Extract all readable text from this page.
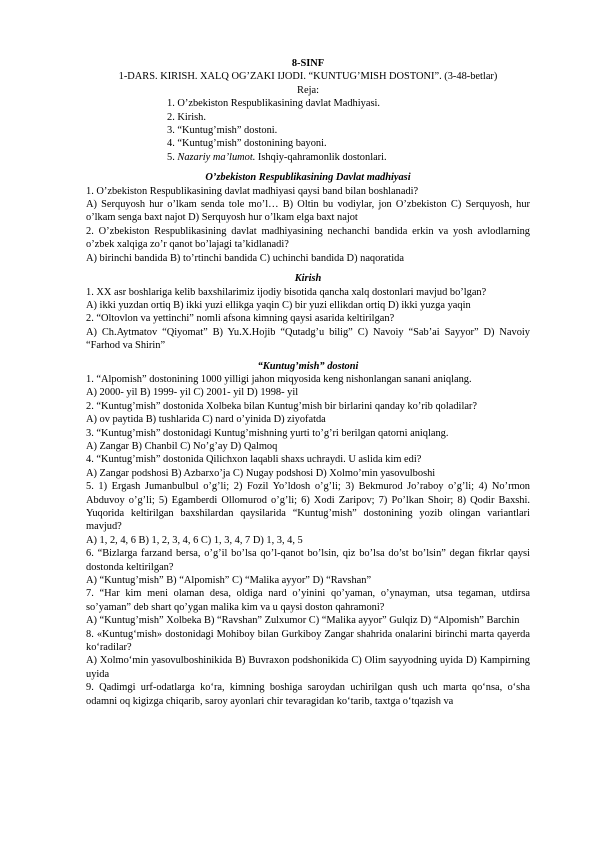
8-SINF
1-DARS. KIRISH. XALQ OG’ZAKI IJODI. “KUNTUG’MISH DOSTONI”. (3-48-betlar)
Reja:
1. O’zbekiston Respublikasining davlat Madhiyasi.
2. Kirish.
3. “Kuntug’mish” dostoni.
4. “Kuntug’mish” dostonining bayoni.
5. Nazariy ma’lumot. Ishqiy-qahramonlik dostonlari.
O’zbekiston Respublikasining Davlat madhiyasi
1. O’zbekiston Respublikasining davlat madhiyasi qaysi band bilan boshlanadi?
A) Serquyosh hur o’lkam senda tole mo’l… B) Oltin bu vodiylar, jon O’zbekiston C) Serquyosh, hur o’lkam senga baxt najot D) Serquyosh hur o’lkam elga baxt najot
2. O’zbekiston Respublikasining davlat madhiyasining nechanchi bandida erkin va yosh avlodlarning o’zbek xalqiga zo’r qanot bo’lajagi ta’kidlanadi?
A) birinchi bandida B) to’rtinchi bandida C) uchinchi bandida D) naqoratida
Kirish
1. XX asr boshlariga kelib baxshilarimiz ijodiy bisotida qancha xalq dostonlari mavjud bo’lgan?
A) ikki yuzdan ortiq B) ikki yuzi ellikga yaqin C) bir yuzi ellikdan ortiq D) ikki yuzga yaqin
2. “Oltovlon va yettinchi” nomli afsona kimning qaysi asarida keltirilgan?
A) Ch.Aytmatov “Qiyomat” B) Yu.X.Hojib “Qutadg’u bilig” C) Navoiy “Sab’ai Sayyor” D) Navoiy “Farhod va Shirin”
“Kuntug’mish” dostoni
1. “Alpomish” dostonining 1000 yilligi jahon miqyosida keng nishonlangan sanani aniqlang.
A) 2000- yil B) 1999- yil C) 2001- yil D) 1998- yil
2. “Kuntug’mish” dostonida Xolbeka bilan Kuntug’mish bir birlarini qanday ko’rib qoladilar?
A) ov paytida B) tushlarida C) nard o’yinida D) ziyofatda
3. “Kuntug’mish” dostonidagi Kuntug’mishning yurti to’g’ri berilgan qatorni aniqlang.
A) Zangar B) Chanbil C) No’g’ay D) Qalmoq
4. “Kuntug’mish” dostonida Qilichxon laqabli shaxs uchraydi. U aslida kim edi?
A) Zangar podshosi B) Azbarxo’ja C) Nugay podshosi D) Xolmo’min yasovulboshi
5. 1) Ergash Jumanbulbul o’g’li; 2) Fozil Yo’ldosh o’g’li; 3) Bekmurod Jo’raboy o’g’li; 4) No’rmon Abduvoy o’g’li; 5) Egamberdi Ollomurod o’g’li; 6) Xodi Zaripov; 7) Po’lkan Shoir; 8) Qodir Baxshi. Yuqorida keltirilgan baxshilardan qaysilarida “Kuntug’mish” dostonining yozib olingan variantlari mavjud?
A) 1, 2, 4, 6 B) 1, 2, 3, 4, 6 C) 1, 3, 4, 7 D) 1, 3, 4, 5
6. “Bizlarga farzand bersa, o’g’il bo’lsa qo’l-qanot bo’lsin, qiz bo’lsa do’st bo’lsin” degan fikrlar qaysi dostonda keltirilgan?
A) “Kuntug’mish” B) “Alpomish” C) “Malika ayyor” D) “Ravshan”
7. “Har kim meni olaman desa, oldiga nard o’yinini qo’yaman, o’ynayman, utsa tegaman, utdirsa so’yaman” deb shart qo’ygan malika kim va u qaysi doston qahramoni?
A) “Kuntug’mish” Xolbeka B) “Ravshan” Zulxumor C) “Malika ayyor” Gulqiz D) “Alpomish” Barchin
8. «Kuntug‘mish» dostonidagi Mohiboy bilan Gurkiboy Zangar shahrida onalarini birinchi marta qayerda ko‘radilar?
A) Xolmo‘min yasovulboshinikida B) Buvraxon podshonikida C) Olim sayyodning uyida D) Kampirning uyida
9. Qadimgi urf-odatlarga ko‘ra, kimning boshiga saroydan uchirilgan qush uch marta qo‘nsa, o‘sha odamni oq kigizga chiqarib, saroy ayonlari chir tevaragidan ko‘tarib, taxtga o‘tqazish va
